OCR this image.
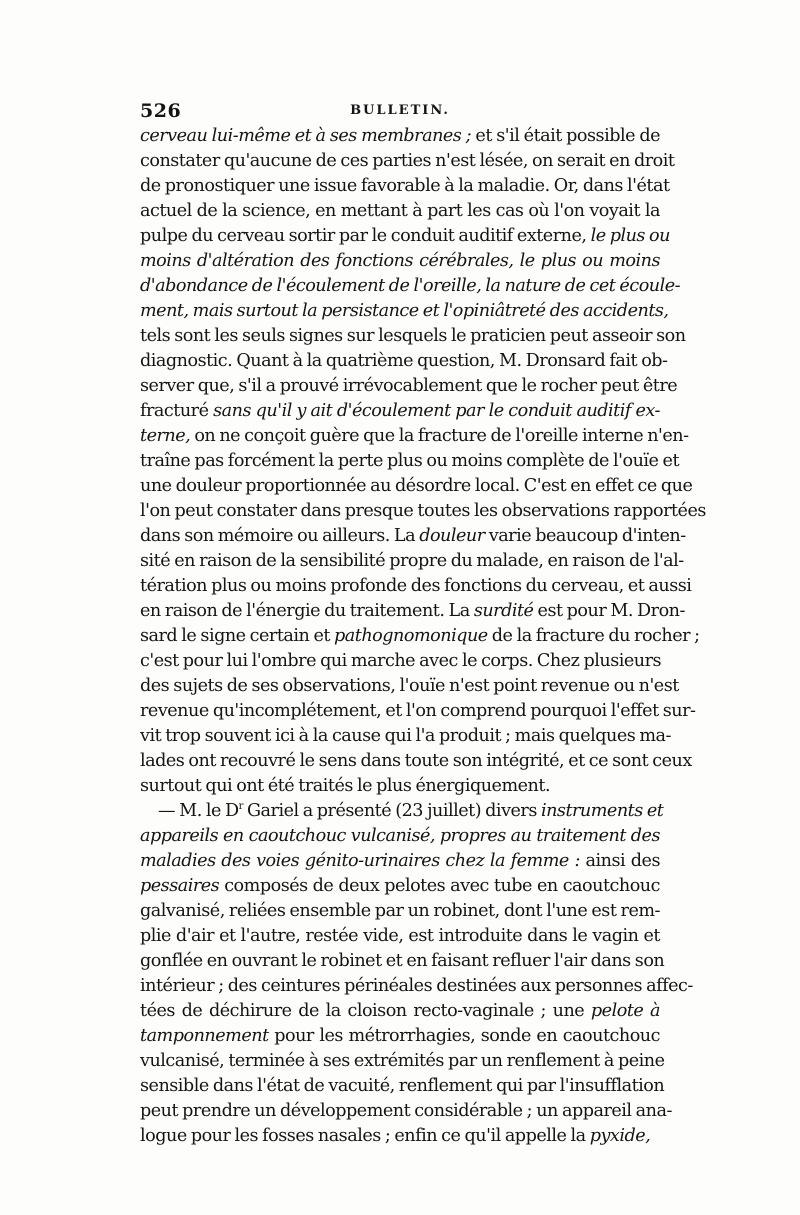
526	BULLETIN.
cerveau lui-même et à ses membranes ; et s'il était possible de
constater qu'aucune de ces parties n'est lésée, on serait en droit
de pronostiquer une issue favorable à la maladie. Or, dans l'état
actuel de la science, en mettant à part les cas où l'on voyait la
pulpe du cerveau sortir par le conduit auditif externe, le plus ou
moins d'altération des fonctions cérébrales, le plus ou moins
d'abondance de l'écoulement de l'oreille, la nature de cet écoule-
ment, mais surtout la persistance et l'opiniâtreté des accidents,
tels sont les seuls signes sur lesquels le praticien peut asseoir son
diagnostic. Quant à la quatrième question, M. Dronsard fait ob-
server que, s'il a prouvé irrévocablement que le rocher peut être
fracturé sans qu'il y ait d'écoulement par le conduit auditif ex-
terne, on ne conçoit guère que la fracture de l'oreille interne n'en-
traîne pas forcément la perte plus ou moins complète de l'ouïe et
une douleur proportionnée au désordre local. C'est en effet ce que
l'on peut constater dans presque toutes les observations rapportées
dans son mémoire ou ailleurs. La douleur varie beaucoup d'inten-
sité en raison de la sensibilité propre du malade, en raison de l'al-
tération plus ou moins profonde des fonctions du cerveau, et aussi
en raison de l'énergie du traitement. La surdité est pour M. Dron-
sard le signe certain et pathognomonique de la fracture du rocher ;
c'est pour lui l'ombre qui marche avec le corps. Chez plusieurs
des sujets de ses observations, l'ouïe n'est point revenue ou n'est
revenue qu'incomplétement, et l'on comprend pourquoi l'effet sur-
vit trop souvent ici à la cause qui l'a produit ; mais quelques ma-
lades ont recouvré le sens dans toute son intégrité, et ce sont ceux
surtout qui ont été traités le plus énergiquement.
— M. le $D^r$ Gariel a présenté (23 juillet) divers instruments et
appareils en caoutchouc vulcanisé, propres au traitement des
maladies des voies génito-urinaires chez la femme : ainsi des
pessaires composés de deux pelotes avec tube en caoutchouc
galvanisé, reliées ensemble par un robinet, dont l'une est rem-
plie d'air et l'autre, restée vide, est introduite dans le vagin et
gonflée en ouvrant le robinet et en faisant refluer l'air dans son
intérieur ; des ceintures périnéales destinées aux personnes affec-
tées de déchirure de la cloison recto-vaginale ; une pelote à
tamponnement pour les métrorrhagies, sonde en caoutchouc
vulcanisé, terminée à ses extrémités par un renflement à peine
sensible dans l'état de vacuité, renflement qui par l'insufflation
peut prendre un développement considérable ; un appareil ana-
logue pour les fosses nasales ; enfin ce qu'il appelle la pyxide,
